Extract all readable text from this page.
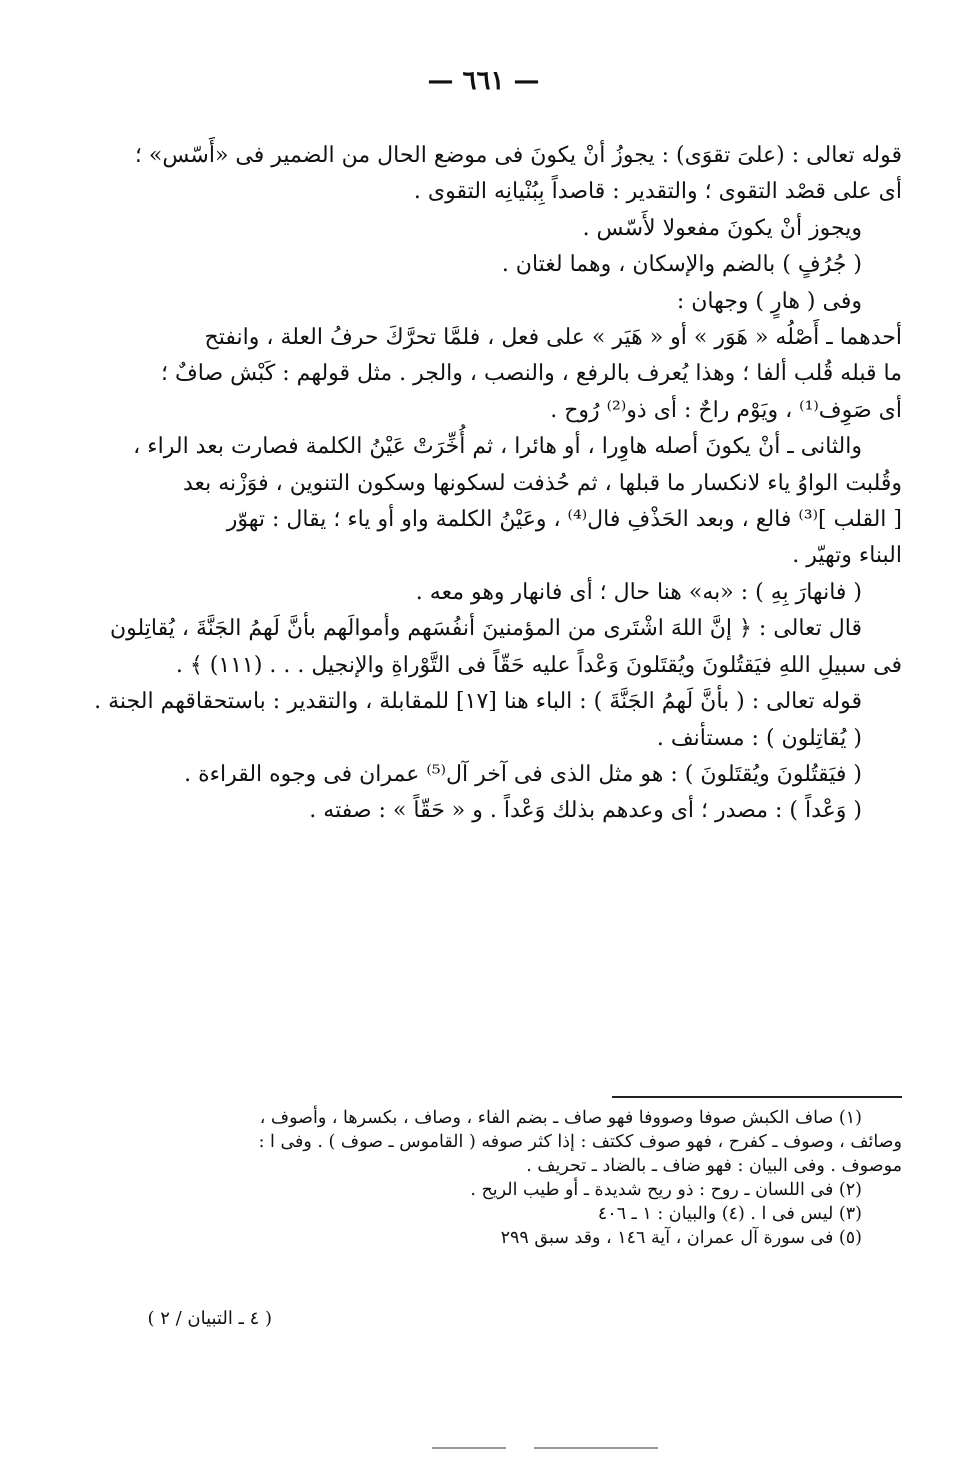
— ٦٦١ —

قوله تعالى : (علىَ تقوَى) : يجوزُ أنْ يكونَ فى موضع الحال من الضمير فى «أَسّس» ؛

أى على قصْد التقوى ؛ والتقدير : قاصداً بِبُنْيانِه التقوى .

ويجوز أنْ يكونَ مفعولا لأَسّس .

( جُرُفٍ ) بالضم والإسكان ، وهما لغتان .

وفى ( هارٍ ) وجهان :

أحدهما ـ أَصْلُه « هَوَر » أو « هَيَر » على فعل ، فلمَّا تحرَّكَ حرفُ العلة ، وانفتح

ما قبله قُلب ألفا ؛ وهذا يُعرف بالرفع ، والنصب ، والجر . مثل قولهم : كَبْش صافٌ ؛

أى صَوِف⁽¹⁾ ، ويَوْم راحٌ : أى ذو⁽²⁾ رُوح .

والثانى ـ أنْ يكونَ أصله هاوِرا ، أو هائرا ، ثم أُخِّرَتْ عَيْنُ الكلمة فصارت بعد الراء ،

وقُلبت الواوُ ياء لانكسار ما قبلها ، ثم حُذفت لسكونها وسكون التنوين ، فوَزْنه بعد

[ القلب ]⁽³⁾ فالع ، وبعد الحَذْفِ فال⁽⁴⁾ ، وعَيْنُ الكلمة واو أو ياء ؛ يقال : تهوّر

البناء وتهيّر .

( فانهارَ بِهِ ) : «به» هنا حال ؛ أى فانهار وهو معه .

قال تعالى : ﴿ إنَّ اللهَ اشْتَرى من المؤمنينَ أنفُسَهم وأموالَهم بأنَّ لَهمُ الجَنَّةَ ، يُقاتِلون

فى سبيلِ اللهِ فيَقتُلونَ ويُقتَلونَ وَعْداً عليه حَقّاً فى التَّوْراةِ والإنجيل . . . (١١١) ﴾ .

قوله تعالى : ( بأنَّ لَهمُ الجَنَّةَ ) : الباء هنا [١٧] للمقابلة ، والتقدير : باستحقاقهم الجنة .

( يُقاتِلون ) : مستأنف .

( فيَقتُلونَ ويُقتَلونَ ) : هو مثل الذى فى آخر آل⁽⁵⁾ عمران فى وجوه القراءة .

( وَعْداً ) : مصدر ؛ أى وعدهم بذلك وَعْداً . و « حَقّاً » : صفته .

(١) صاف الكبش صوفا وصووفا فهو صاف ـ بضم الفاء ، وصاف ، بكسرها ، وأصوف ،

وصائف ، وصوف ـ كفرح ، فهو صوف ككتف : إذا كثر صوفه ( القاموس ـ صوف ) . وفى ا :

موصوف . وفى البيان : فهو ضاف ـ بالضاد ـ تحريف .

(٢) فى اللسان ـ روح : ذو ريح شديدة ـ أو طيب الريح .

(٣) ليس فى ا . (٤) والبيان : ١ ـ ٤٠٦

(٥) فى سورة آل عمران ، آية ١٤٦ ، وقد سبق ٢٩٩

( ٤ ـ التبيان / ٢ )
